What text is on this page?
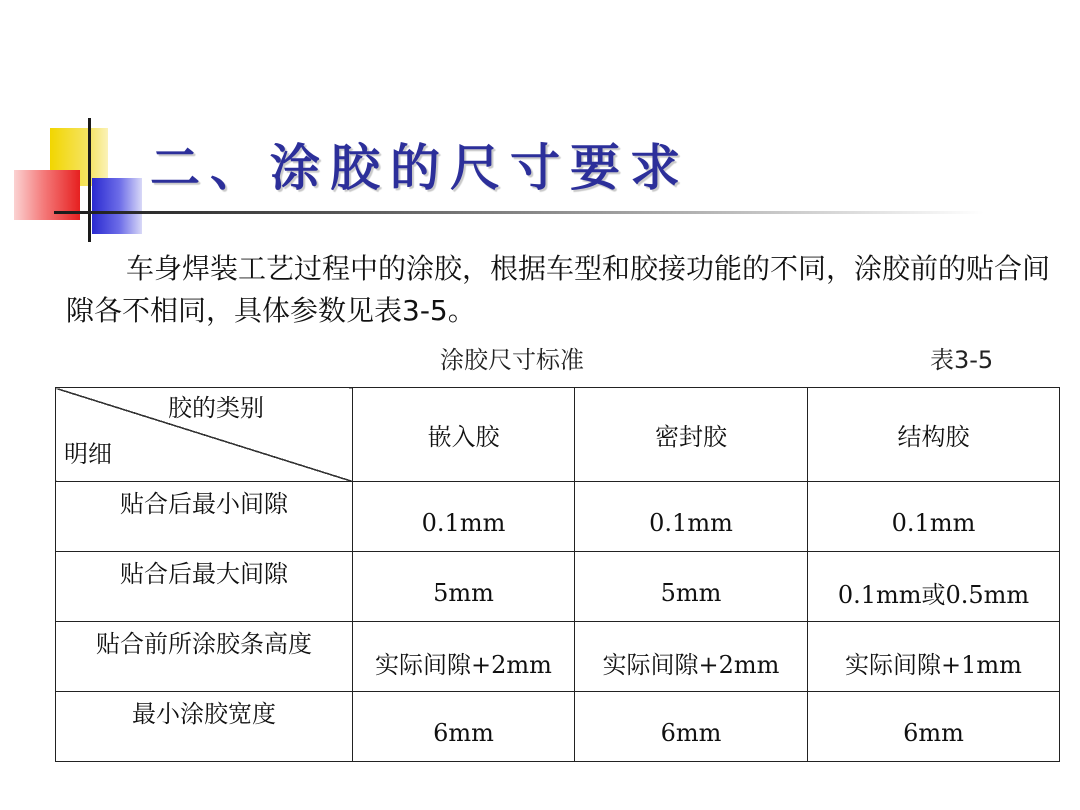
二、涂胶的尺寸要求

车身焊装工艺过程中的涂胶，根据车型和胶接功能的不同，涂胶前的贴合间隙各不相同，具体参数见表3-5。

涂胶尺寸标准	表3-5
胶的类别
明细	嵌入胶	密封胶	结构胶
贴合后最小间隙	0.1mm	0.1mm	0.1mm
贴合后最大间隙	5mm	5mm	0.1mm或0.5mm
贴合前所涂胶条高度	实际间隙+2mm	实际间隙+2mm	实际间隙+1mm
最小涂胶宽度	6mm	6mm	6mm
